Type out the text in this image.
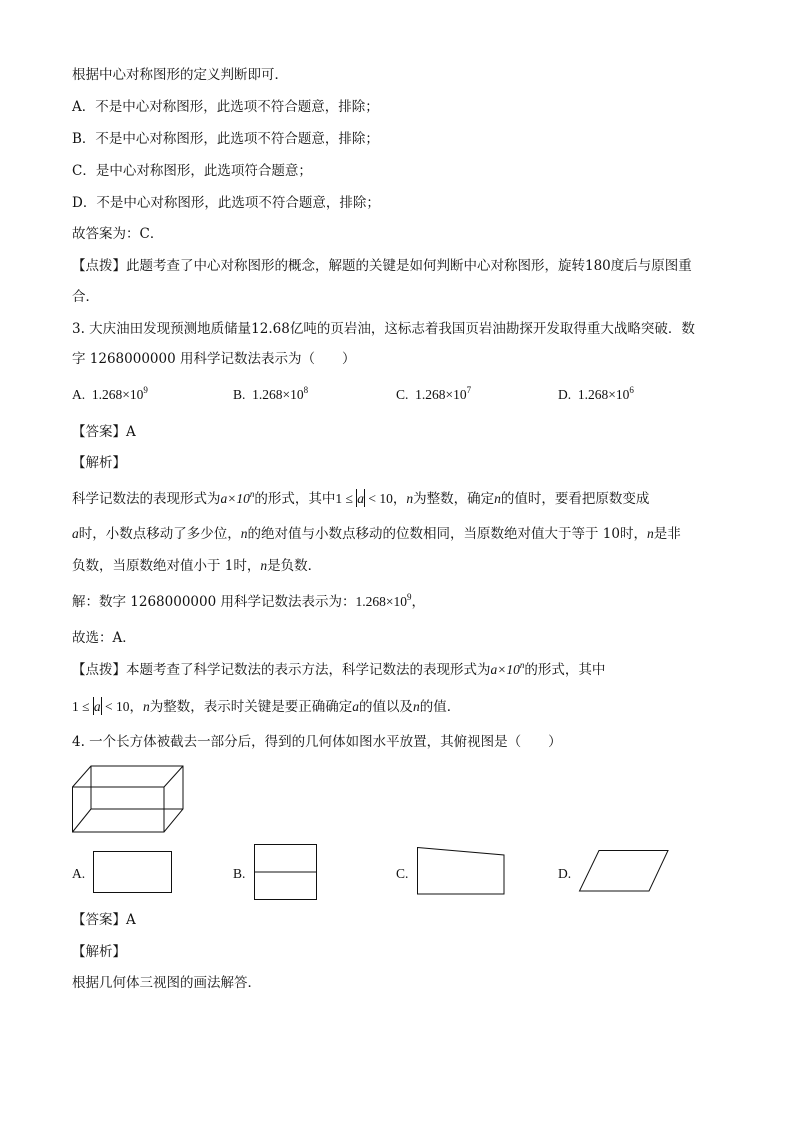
根据中心对称图形的定义判断即可．
A．不是中心对称图形，此选项不符合题意，排除；
B．不是中心对称图形，此选项不符合题意，排除；
C．是中心对称图形，此选项符合题意；
D．不是中心对称图形，此选项不符合题意，排除；
故答案为：C．
【点拨】此题考查了中心对称图形的概念，解题的关键是如何判断中心对称图形，旋转180度后与原图重
合．
3. 大庆油田发现预测地质储量12.68亿吨的页岩油，这标志着我国页岩油勘探开发取得重大战略突破．数
字 1268000000 用科学记数法表示为（　　）
A. $1.268\times 10^9$	B. $1.268\times 10^8$	C. $1.268\times 10^7$	D. $1.268\times 10^6$
【答案】A
【解析】
科学记数法的表现形式为$a\times 10^n$的形式，其中1 ≤ a < 10，n为整数，确定n的值时，要看把原数变成
a时，小数点移动了多少位，n的绝对值与小数点移动的位数相同，当原数绝对值大于等于 10时，n是非
负数，当原数绝对值小于 1时，n是负数．
解：数字 1268000000 用科学记数法表示为：$1.268\times 10^9$，
故选：A．
【点拨】本题考查了科学记数法的表示方法，科学记数法的表现形式为$a\times 10^n$的形式，其中
1 ≤ a < 10，n为整数，表示时关键是要正确确定a的值以及n的值．
4. 一个长方体被截去一部分后，得到的几何体如图水平放置，其俯视图是（　　）
A.	B.	C.	D.
【答案】A
【解析】
根据几何体三视图的画法解答．
